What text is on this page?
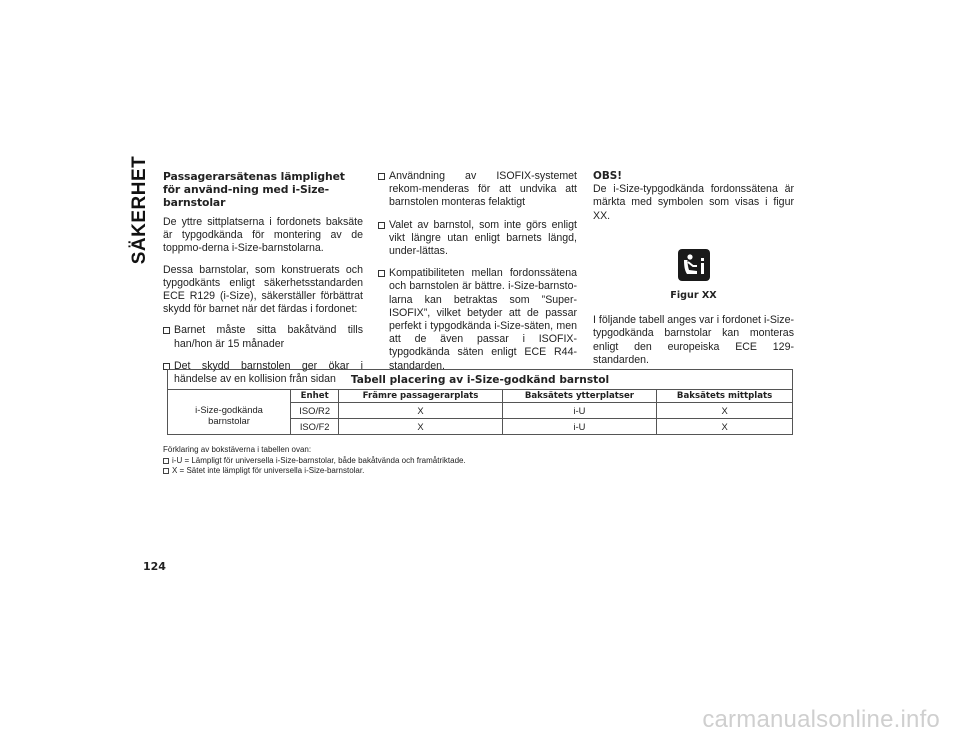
SÄKERHET Passagerarsätenas lämplighet för använd-ning med i-Size-barnstolar

De yttre sittplatserna i fordonets baksäte är typgodkända för montering av de toppmo-derna i-Size-barnstolarna.

Dessa barnstolar, som konstruerats och typgodkänts enligt säkerhetsstandarden ECE R129 (i-Size), säkerställer förbättrat skydd för barnet när det färdas i fordonet:

Barnet måste sitta bakåtvänd tills han/hon är 15 månader
Det skydd barnstolen ger ökar i händelse av en kollision från sidan
Användning av ISOFIX-systemet rekom-menderas för att undvika att barnstolen monteras felaktigt
Valet av barnstol, som inte görs enligt vikt längre utan enligt barnets längd, under-lättas.
Kompatibiliteten mellan fordonssätena och barnstolen är bättre. i-Size-barnsto-larna kan betraktas som ”Super-ISOFIX”, vilket betyder att de passar perfekt i typgodkända i-Size-säten, men att de även passar i ISOFIX-typgodkända säten enligt ECE R44-standarden.
OBS!

De i-Size-typgodkända fordonssätena är märkta med symbolen som visas i figur XX.

Figur XX

I följande tabell anges var i fordonet i-Size-typgodkända barnstolar kan monteras enligt den europeiska ECE 129-standarden.

Tabell placering av i-Size-godkänd barnstol				
	Enhet	Främre passagerarplats	Baksätets ytterplatser	Baksätets mittplats
i-Size-godkända barnstolar	ISO/R2	X	i-U	X
	ISO/F2	X	i-U	X
Förklaring av bokstäverna i tabellen ovan:
i-U = Lämpligt för universella i-Size-barnstolar, både bakåtvända och framåtriktade.
X = Sätet inte lämpligt för universella i-Size-barnstolar.
124
carmanualsonline.info
